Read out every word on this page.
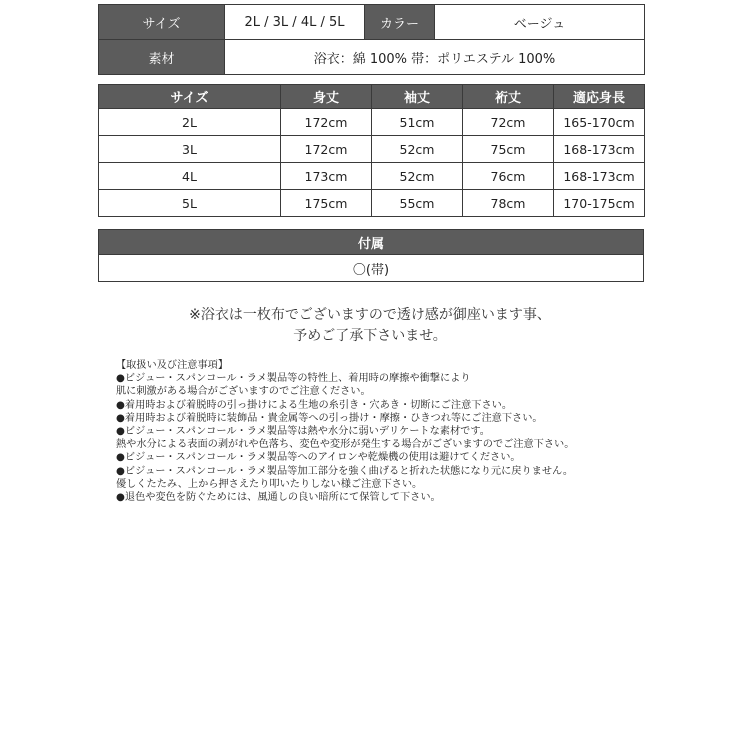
サイズ	2L / 3L / 4L / 5L	カラー	ベージュ
素材	浴衣：綿 100% 帯：ポリエステル 100%		
サイズ	身丈	袖丈	裄丈	適応身長
2L	172cm	51cm	72cm	165-170cm
3L	172cm	52cm	75cm	168-173cm
4L	173cm	52cm	76cm	168-173cm
5L	175cm	55cm	78cm	170-175cm
付属
〇(帯)
※浴衣は一枚布でございますので透け感が御座います事、
予めご了承下さいませ。
【取扱い及び注意事項】
●ビジュー・スパンコール・ラメ製品等の特性上、着用時の摩擦や衝撃により
肌に刺激がある場合がございますのでご注意ください。
●着用時および着脱時の引っ掛けによる生地の糸引き・穴あき・切断にご注意下さい。
●着用時および着脱時に装飾品・貴金属等への引っ掛け・摩擦・ひきつれ等にご注意下さい。
●ビジュー・スパンコール・ラメ製品等は熱や水分に弱いデリケートな素材です。
熱や水分による表面の剥がれや色落ち、変色や変形が発生する場合がございますのでご注意下さい。
●ビジュー・スパンコール・ラメ製品等へのアイロンや乾燥機の使用は避けてください。
●ビジュー・スパンコール・ラメ製品等加工部分を強く曲げると折れた状態になり元に戻りません。
優しくたたみ、上から押さえたり叩いたりしない様ご注意下さい。
●退色や変色を防ぐためには、風通しの良い暗所にて保管して下さい。
